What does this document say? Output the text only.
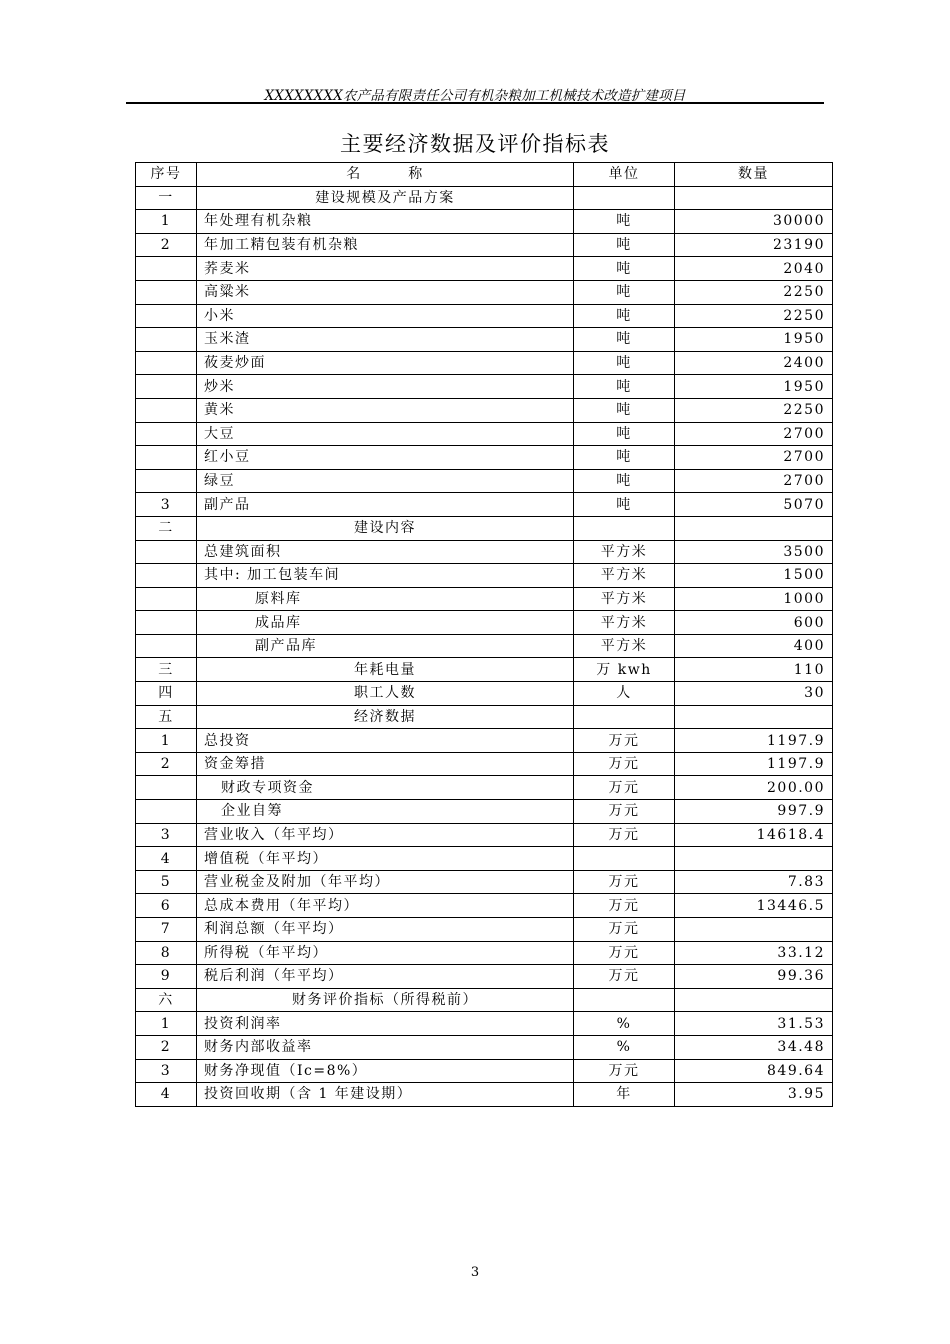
XXXXXXXX农产品有限责任公司有机杂粮加工机械技术改造扩建项目
主要经济数据及评价指标表
序号	名　　　称	单位	数量
一	建设规模及产品方案		
1	年处理有机杂粮	吨	30000
2	年加工精包装有机杂粮	吨	23190
	荞麦米	吨	2040
	高粱米	吨	2250
	小米	吨	2250
	玉米渣	吨	1950
	莜麦炒面	吨	2400
	炒米	吨	1950
	黄米	吨	2250
	大豆	吨	2700
	红小豆	吨	2700
	绿豆	吨	2700
3	副产品	吨	5070
二	建设内容		
	总建筑面积	平方米	3500
	其中: 加工包装车间	平方米	1500
	原料库	平方米	1000
	成品库	平方米	600
	副产品库	平方米	400
三	年耗电量	万 kwh	110
四	职工人数	人	30
五	经济数据		
1	总投资	万元	1197.9
2	资金筹措	万元	1197.9
	财政专项资金	万元	200.00
	企业自筹	万元	997.9
3	营业收入（年平均）	万元	14618.4
4	增值税（年平均）		
5	营业税金及附加（年平均）	万元	7.83
6	总成本费用（年平均）	万元	13446.5
7	利润总额（年平均）	万元	
8	所得税（年平均）	万元	33.12
9	税后利润（年平均）	万元	99.36
六	财务评价指标（所得税前）		
1	投资利润率	%	31.53
2	财务内部收益率	%	34.48
3	财务净现值（Ic=8%）	万元	849.64
4	投资回收期（含 1 年建设期）	年	3.95
3
